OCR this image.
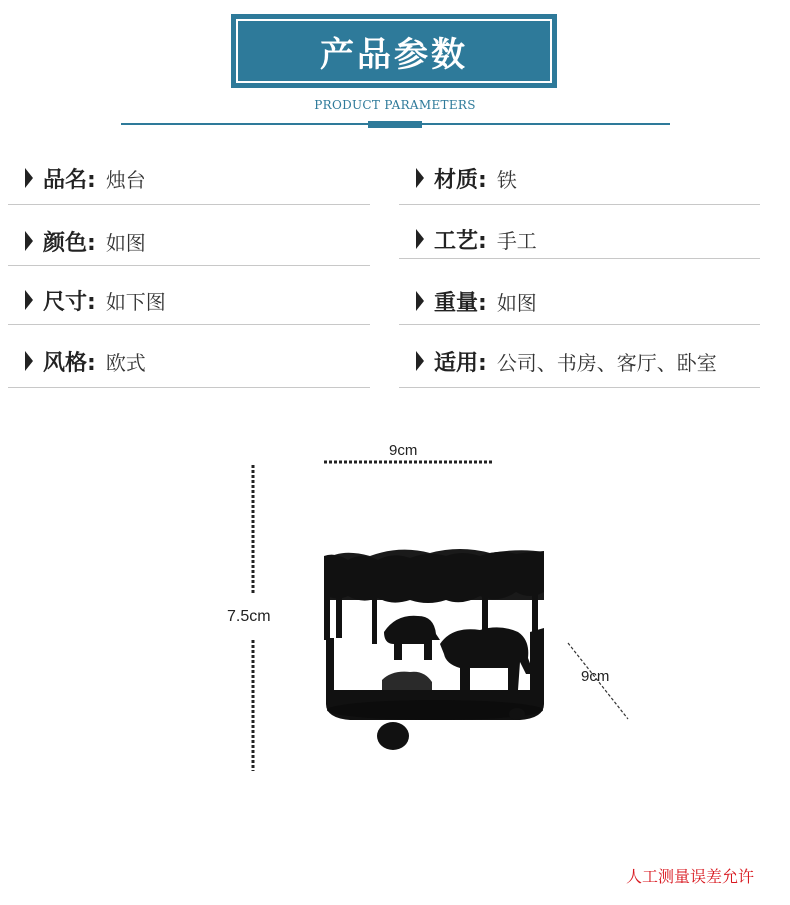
产品参数
PRODUCT PARAMETERS
品名: 烛台
颜色: 如图
尺寸: 如下图
风格: 欧式
材质: 铁
工艺: 手工
重量: 如图
适用: 公司、书房、客厅、卧室
9cm
7.5cm
9cm
人工测量误差允许
